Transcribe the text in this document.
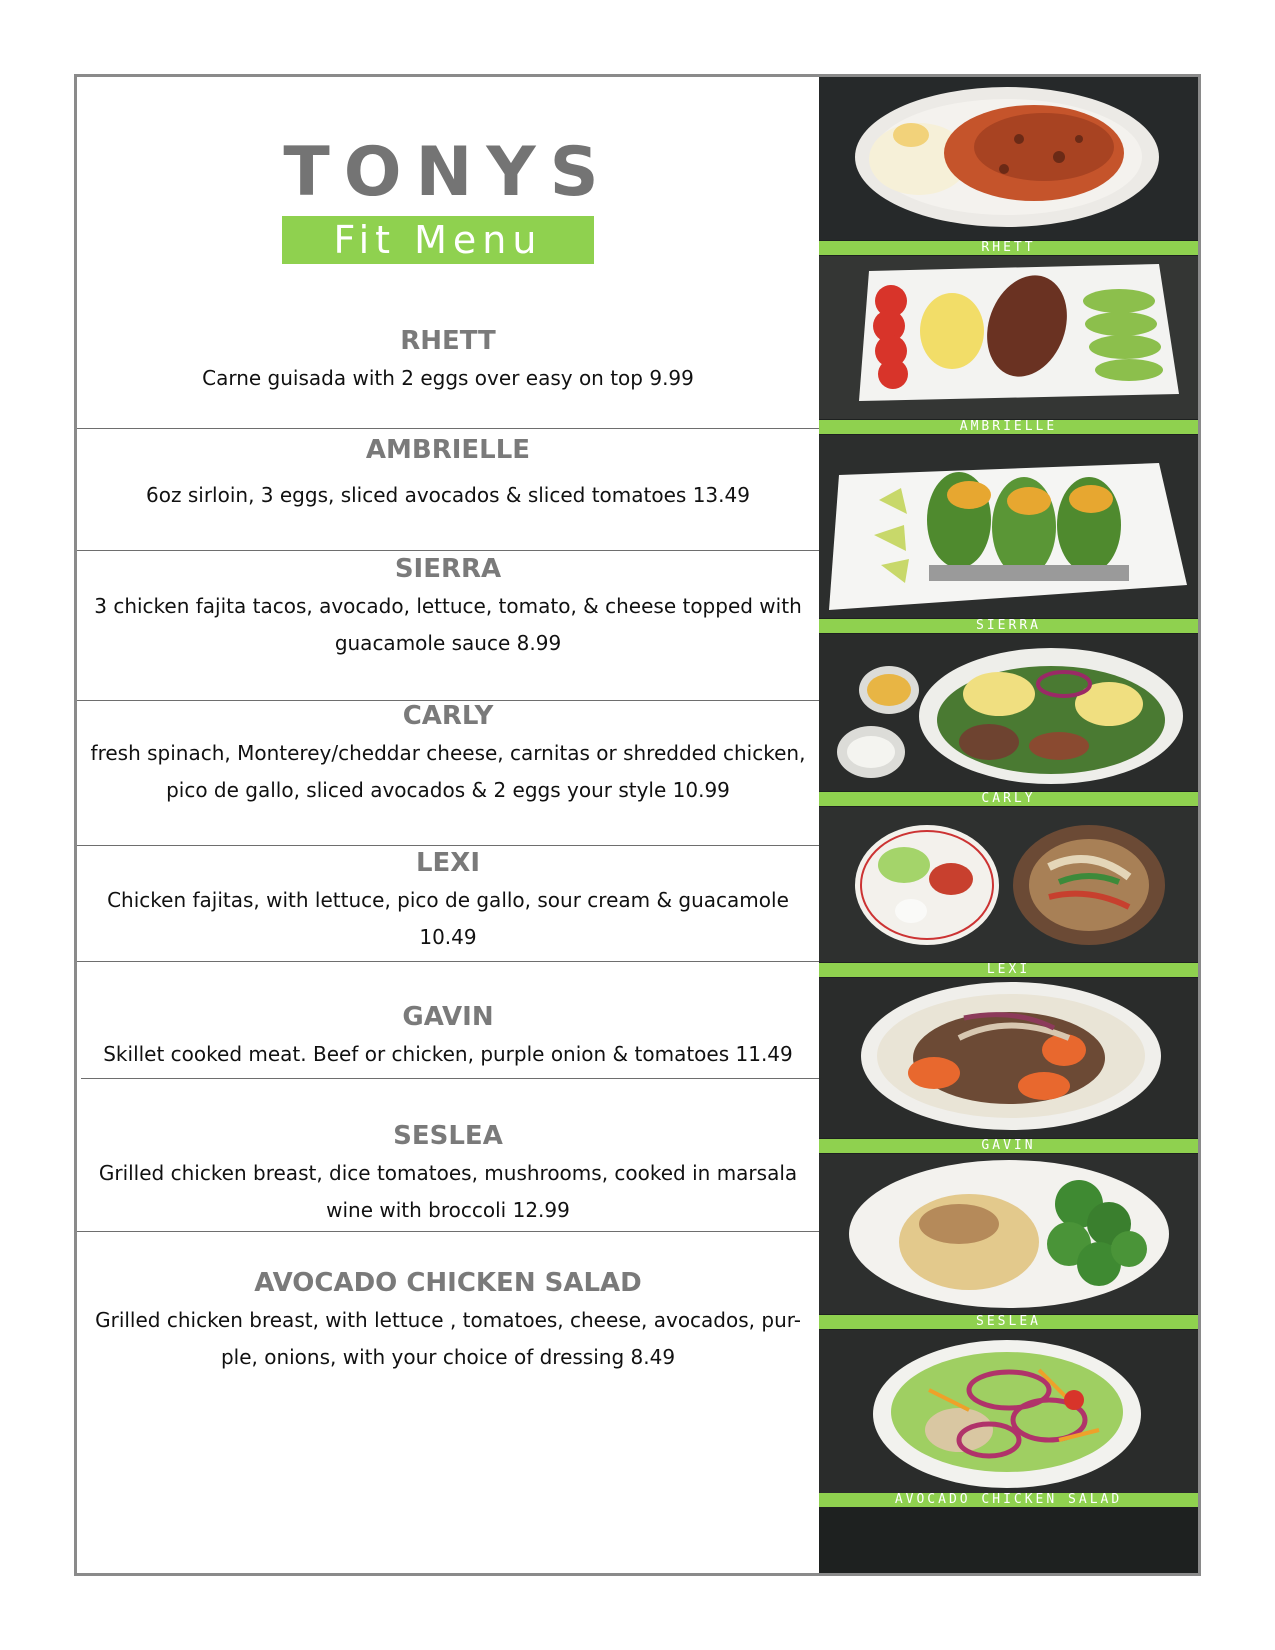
TONYS
Fit Menu
RHETT
Carne guisada with 2 eggs over easy on top 9.99
AMBRIELLE
6oz sirloin, 3 eggs, sliced avocados & sliced tomatoes 13.49
SIERRA
3 chicken fajita tacos, avocado, lettuce, tomato, & cheese topped with
guacamole sauce 8.99
CARLY
fresh spinach, Monterey/cheddar cheese, carnitas or shredded chicken,
pico de gallo, sliced avocados & 2 eggs your style 10.99
LEXI
Chicken fajitas, with lettuce, pico de gallo, sour cream & guacamole
10.49
GAVIN
Skillet cooked meat. Beef or chicken, purple onion & tomatoes 11.49
SESLEA
Grilled chicken breast, dice tomatoes, mushrooms, cooked in marsala
wine with broccoli 12.99
AVOCADO CHICKEN SALAD
Grilled chicken breast, with lettuce , tomatoes, cheese, avocados, pur-
ple, onions, with your choice of dressing 8.49
RHETT
AMBRIELLE
SIERRA
CARLY
LEXI
GAVIN
SESLEA
AVOCADO CHICKEN SALAD
